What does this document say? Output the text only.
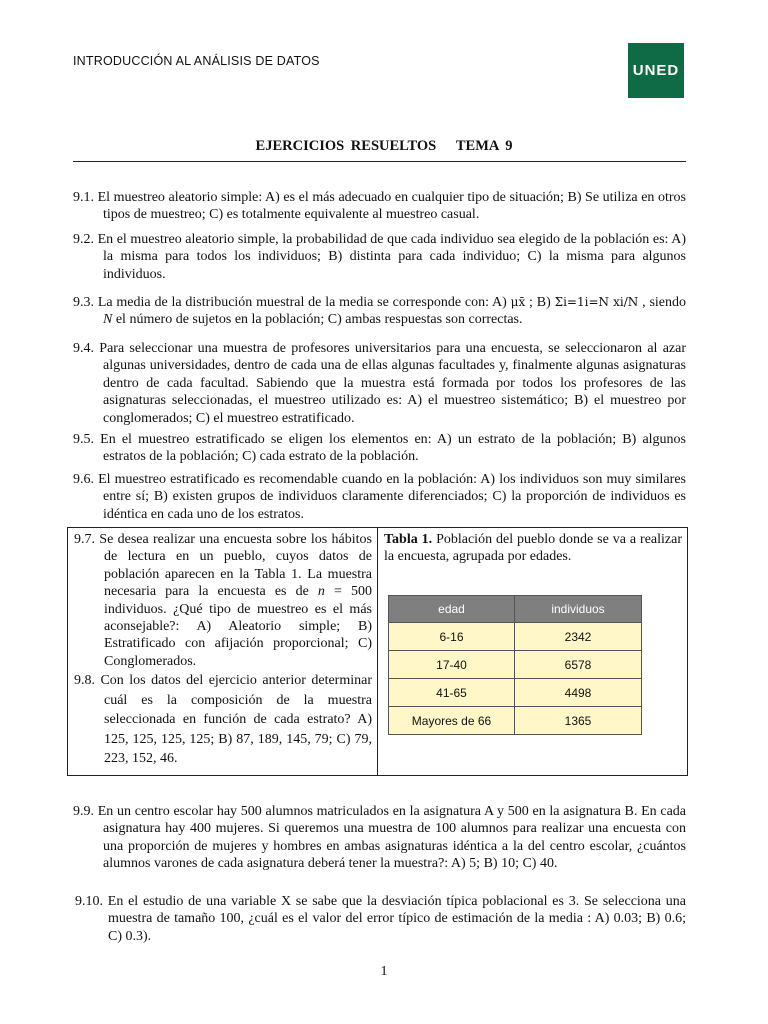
INTRODUCCIÓN AL ANÁLISIS DE DATOS
UNED
EJERCICIOS RESUELTOS   TEMA 9
9.1. El muestreo aleatorio simple: A) es el más adecuado en cualquier tipo de situación; B) Se utiliza en otros tipos de muestreo; C) es totalmente equivalente al muestreo casual.
9.2. En el muestreo aleatorio simple, la probabilidad de que cada individuo sea elegido de la población es: A) la misma para todos los individuos; B) distinta para cada individuo; C) la misma para algunos individuos.
9.3. La media de la distribución muestral de la media se corresponde con: A) μx̄ ; B) Σi=1i=N xi/N , siendo N el número de sujetos en la población; C) ambas respuestas son correctas.
9.4. Para seleccionar una muestra de profesores universitarios para una encuesta, se seleccionaron al azar algunas universidades, dentro de cada una de ellas algunas facultades y, finalmente algunas asignaturas dentro de cada facultad. Sabiendo que la muestra está formada por todos los profesores de las asignaturas seleccionadas, el muestreo utilizado es: A) el muestreo sistemático; B) el muestreo por conglomerados; C) el muestreo estratificado.
9.5. En el muestreo estratificado se eligen los elementos en: A) un estrato de la población; B) algunos estratos de la población; C) cada estrato de la población.
9.6. El muestreo estratificado es recomendable cuando en la población: A) los individuos son muy similares entre sí; B) existen grupos de individuos claramente diferenciados; C) la proporción de individuos es idéntica en cada uno de los estratos.
9.7. Se desea realizar una encuesta sobre los hábitos de lectura en un pueblo, cuyos datos de población aparecen en la Tabla 1. La muestra necesaria para la encuesta es de n = 500 individuos. ¿Qué tipo de muestreo es el más aconsejable?: A) Aleatorio simple; B) Estratificado con afijación proporcional; C) Conglomerados.
9.8. Con los datos del ejercicio anterior determinar cuál es la composición de la muestra seleccionada en función de cada estrato? A) 125, 125, 125, 125; B) 87, 189, 145, 79; C) 79, 223, 152, 46.
Tabla 1. Población del pueblo donde se va a realizar la encuesta, agrupada por edades.
edad	individuos
6-16	2342
17-40	6578
41-65	4498
Mayores de 66	1365
9.9. En un centro escolar hay 500 alumnos matriculados en la asignatura A y 500 en la asignatura B. En cada asignatura hay 400 mujeres. Si queremos una muestra de 100 alumnos para realizar una encuesta con una proporción de mujeres y hombres en ambas asignaturas idéntica a la del centro escolar, ¿cuántos alumnos varones de cada asignatura deberá tener la muestra?: A) 5; B) 10; C) 40.
9.10. En el estudio de una variable X se sabe que la desviación típica poblacional es 3. Se selecciona una muestra de tamaño 100, ¿cuál es el valor del error típico de estimación de la media : A) 0.03; B) 0.6; C) 0.3).
1
